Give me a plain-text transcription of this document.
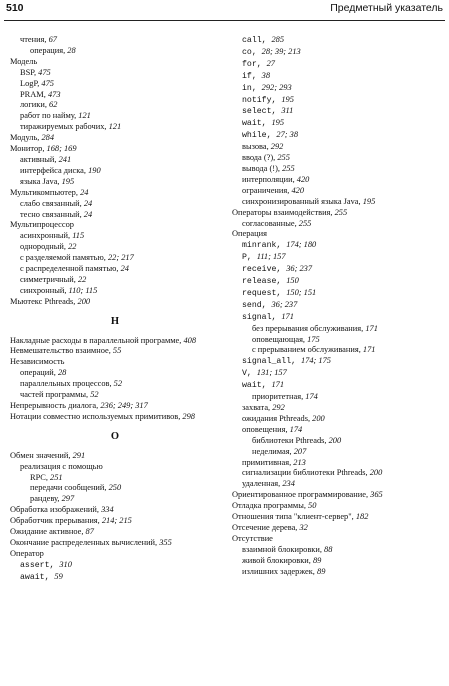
510	Предметный указатель
чтения, 67
операция, 28
Модель
BSP, 475
LogP, 475
PRAM, 473
логики, 62
работ по найму, 121
тиражируемых рабочих, 121
Модуль, 284
Монитор, 168; 169
активный, 241
интерфейса диска, 190
языка Java, 195
Мультикомпьютер, 24
слабо связанный, 24
тесно связанный, 24
Мультипроцессор
асинхронный, 115
однородный, 22
с разделяемой памятью, 22; 217
с распределенной памятью, 24
симметричный, 22
синхронный, 110; 115
Мьютекс Pthreads, 200
Н
Накладные расходы в параллельной программе, 408
Невмешательство взаимное, 55
Независимость
операций, 28
параллельных процессов, 52
частей программы, 52
Непрерывность диалога, 236; 249; 317
Нотации совместно используемых примитивов, 298
О
Обмен значений, 291
реализация с помощью
RPC, 251
передачи сообщений, 250
рандеву, 297
Обработка изображений, 334
Обработчик прерывания, 214; 215
Ожидание активное, 87
Окончание распределенных вычислений, 355
Оператор
assert, 310
await, 59
call, 285
co, 28; 39; 213
for, 27
if, 38
in, 292; 293
notify, 195
select, 311
wait, 195
while, 27; 38
вызова, 292
ввода (?), 255
вывода (!), 255
интерполяции, 420
ограничения, 420
синхронизированный языка Java, 195
Операторы взаимодействия, 255
согласованные, 255
Операция
minrank, 174; 180
P, 111; 157
receive, 36; 237
release, 150
request, 150; 151
send, 36; 237
signal, 171
без прерывания обслуживания, 171
оповещающая, 175
с прерыванием обслуживания, 171
signal_all, 174; 175
V, 131; 157
wait, 171
приоритетная, 174
захвата, 292
ожидания Pthreads, 200
оповещения, 174
библиотеки Pthreads, 200
неделимая, 207
примитивная, 213
сигнализации библиотеки Pthreads, 200
удаленная, 234
Ориентированное программирование, 365
Отладка программы, 50
Отношения типа "клиент-сервер", 182
Отсечение дерева, 32
Отсутствие
взаимной блокировки, 88
живой блокировки, 89
излишних задержек, 89
